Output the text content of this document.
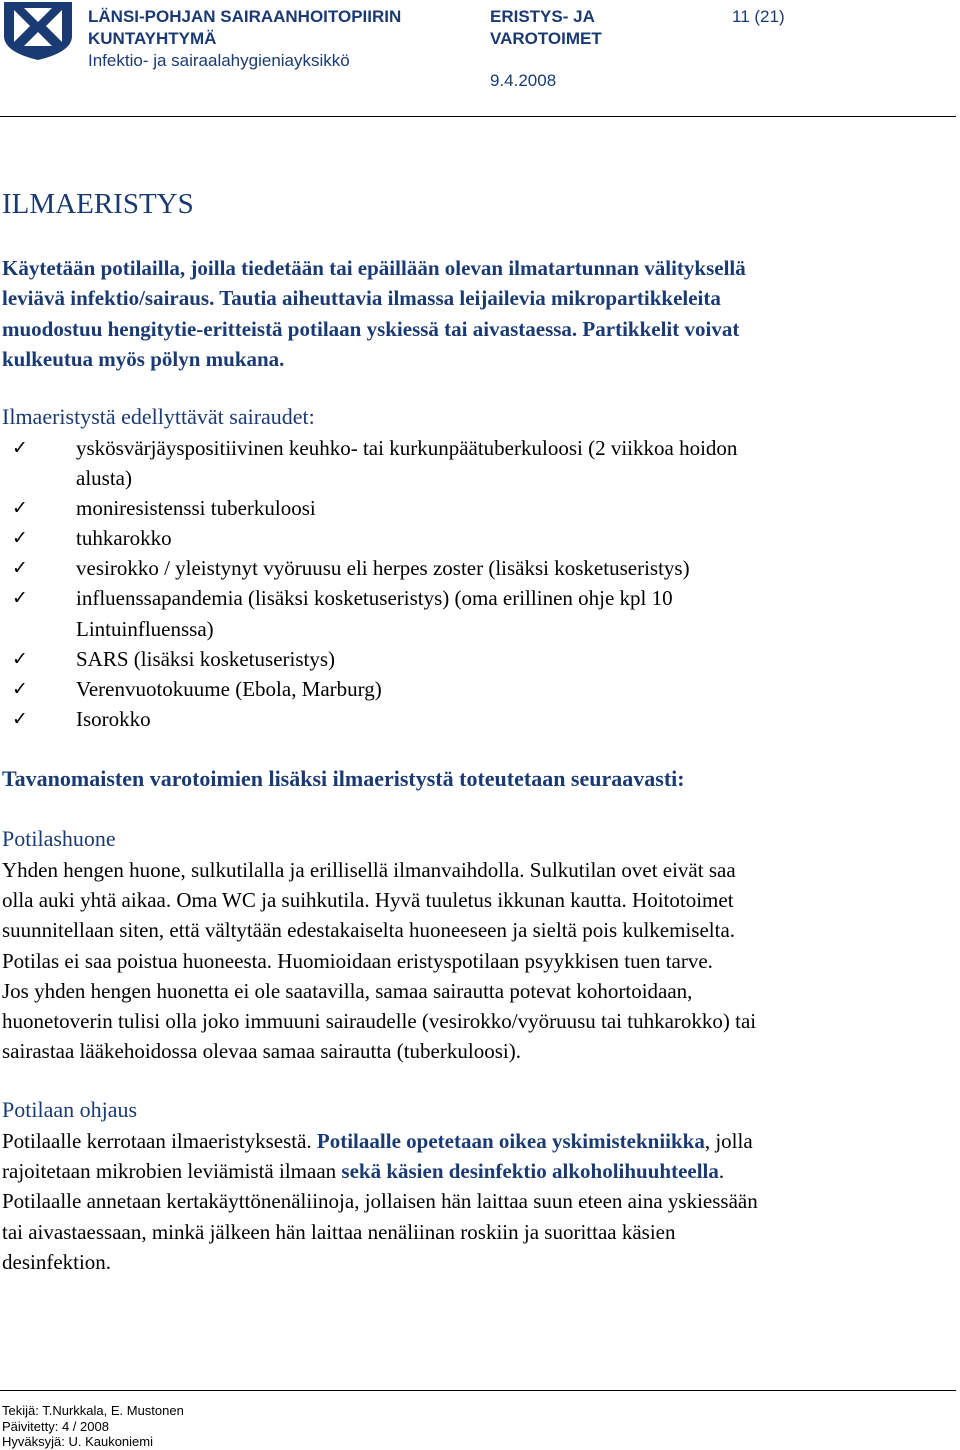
LÄNSI-POHJAN SAIRAANHOITOPIIRIN
KUNTAYHTYMÄ
Infektio- ja sairaalahygieniayksikkö
ERISTYS- JA
VAROTOIMET
9.4.2008
11 (21)
ILMAERISTYS
Käytetään potilailla, joilla tiedetään tai epäillään olevan ilmatartunnan välityksellä
leviävä infektio/sairaus. Tautia aiheuttavia ilmassa leijailevia mikropartikkeleita
muodostuu hengitytie-eritteistä potilaan yskiessä tai aivastaessa. Partikkelit voivat
kulkeutua myös pölyn mukana.
Ilmaeristystä edellyttävät sairaudet:
✓ yskösvärjäyspositiivinen keuhko- tai kurkunpäätuberkuloosi (2 viikkoa hoidon
alusta)
✓ moniresistenssi tuberkuloosi
✓ tuhkarokko
✓ vesirokko / yleistynyt vyöruusu eli herpes zoster (lisäksi kosketuseristys)
✓ influenssapandemia (lisäksi kosketuseristys) (oma erillinen ohje kpl 10
Lintuinfluenssa)
✓ SARS (lisäksi kosketuseristys)
✓ Verenvuotokuume (Ebola, Marburg)
✓ Isorokko
Tavanomaisten varotoimien lisäksi ilmaeristystä toteutetaan seuraavasti:
Potilashuone
Yhden hengen huone, sulkutilalla ja erillisellä ilmanvaihdolla. Sulkutilan ovet eivät saa
olla auki yhtä aikaa. Oma WC ja suihkutila. Hyvä tuuletus ikkunan kautta. Hoitotoimet
suunnitellaan siten, että vältytään edestakaiselta huoneeseen ja sieltä pois kulkemiselta.
Potilas ei saa poistua huoneesta. Huomioidaan eristyspotilaan psyykkisen tuen tarve.
Jos yhden hengen huonetta ei ole saatavilla, samaa sairautta potevat kohortoidaan,
huonetoverin tulisi olla joko immuuni sairaudelle (vesirokko/vyöruusu tai tuhkarokko) tai
sairastaa lääkehoidossa olevaa samaa sairautta (tuberkuloosi).
Potilaan ohjaus
Potilaalle kerrotaan ilmaeristyksestä. Potilaalle opetetaan oikea yskimistekniikka, jolla
rajoitetaan mikrobien leviämistä ilmaan sekä käsien desinfektio alkoholihuuhteella.
Potilaalle annetaan kertakäyttönenäliinoja, jollaisen hän laittaa suun eteen aina yskiessään
tai aivastaessaan, minkä jälkeen hän laittaa nenäliinan roskiin ja suorittaa käsien
desinfektion.
Tekijä: T.Nurkkala, E. Mustonen
Päivitetty: 4 / 2008
Hyväksyjä: U. Kaukoniemi
